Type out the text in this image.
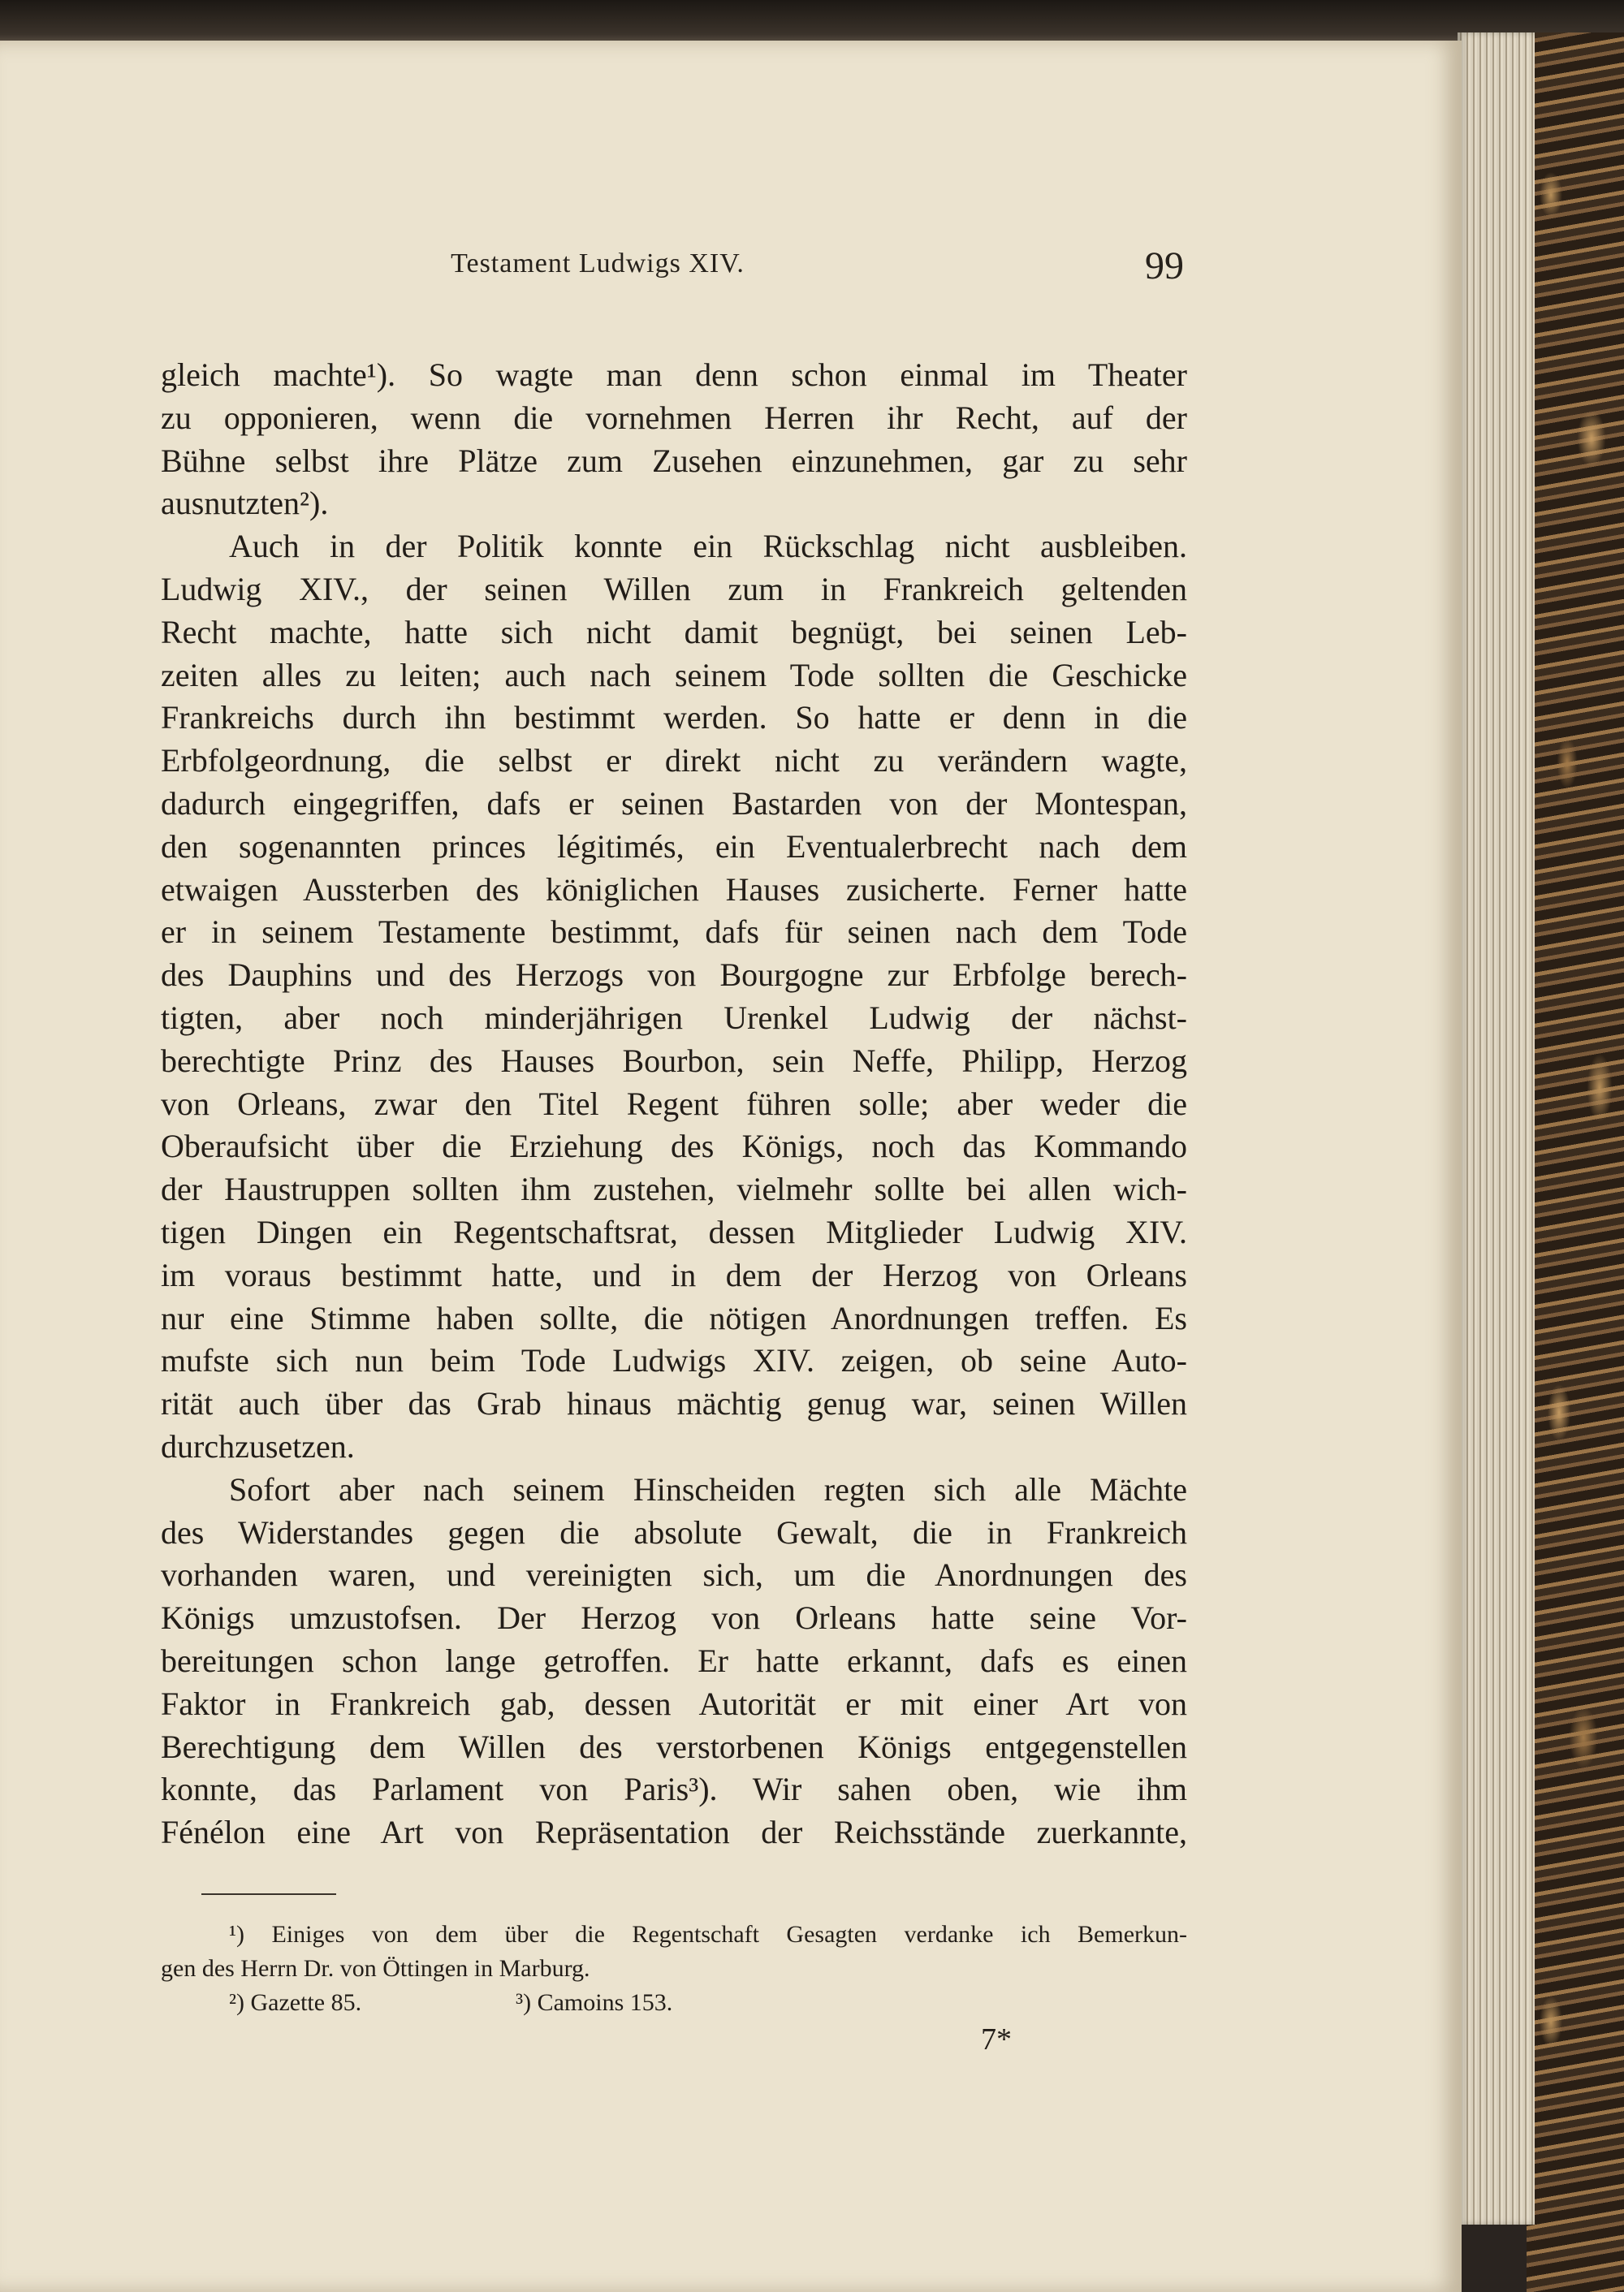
Testament Ludwigs XIV.	99
gleich machte¹). So wagte man denn schon einmal im Theater
zu opponieren, wenn die vornehmen Herren ihr Recht, auf der
Bühne selbst ihre Plätze zum Zusehen einzunehmen, gar zu sehr
ausnutzten²).
Auch in der Politik konnte ein Rückschlag nicht ausbleiben.
Ludwig XIV., der seinen Willen zum in Frankreich geltenden
Recht machte, hatte sich nicht damit begnügt, bei seinen Leb-
zeiten alles zu leiten; auch nach seinem Tode sollten die Geschicke
Frankreichs durch ihn bestimmt werden. So hatte er denn in die
Erbfolgeordnung, die selbst er direkt nicht zu verändern wagte,
dadurch eingegriffen, dafs er seinen Bastarden von der Montespan,
den sogenannten princes légitimés, ein Eventualerbrecht nach dem
etwaigen Aussterben des königlichen Hauses zusicherte. Ferner hatte
er in seinem Testamente bestimmt, dafs für seinen nach dem Tode
des Dauphins und des Herzogs von Bourgogne zur Erbfolge berech-
tigten, aber noch minderjährigen Urenkel Ludwig der nächst-
berechtigte Prinz des Hauses Bourbon, sein Neffe, Philipp, Herzog
von Orleans, zwar den Titel Regent führen solle; aber weder die
Oberaufsicht über die Erziehung des Königs, noch das Kommando
der Haustruppen sollten ihm zustehen, vielmehr sollte bei allen wich-
tigen Dingen ein Regentschaftsrat, dessen Mitglieder Ludwig XIV.
im voraus bestimmt hatte, und in dem der Herzog von Orleans
nur eine Stimme haben sollte, die nötigen Anordnungen treffen. Es
mufste sich nun beim Tode Ludwigs XIV. zeigen, ob seine Auto-
rität auch über das Grab hinaus mächtig genug war, seinen Willen
durchzusetzen.
Sofort aber nach seinem Hinscheiden regten sich alle Mächte
des Widerstandes gegen die absolute Gewalt, die in Frankreich
vorhanden waren, und vereinigten sich, um die Anordnungen des
Königs umzustofsen. Der Herzog von Orleans hatte seine Vor-
bereitungen schon lange getroffen. Er hatte erkannt, dafs es einen
Faktor in Frankreich gab, dessen Autorität er mit einer Art von
Berechtigung dem Willen des verstorbenen Königs entgegenstellen
konnte, das Parlament von Paris³). Wir sahen oben, wie ihm
Fénélon eine Art von Repräsentation der Reichsstände zuerkannte,
¹) Einiges von dem über die Regentschaft Gesagten verdanke ich Bemerkun-
gen des Herrn Dr. von Öttingen in Marburg.
²) Gazette 85.	³) Camoins 153.
7*
